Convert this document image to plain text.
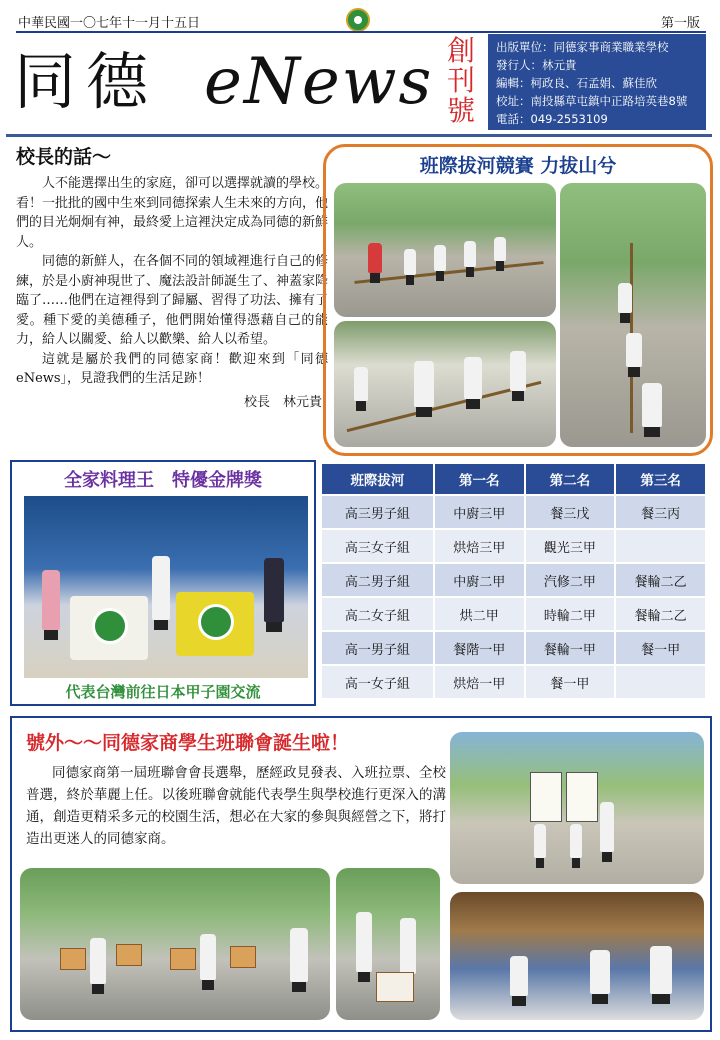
中華民國一〇七年十一月十五日	第一版
同德 eNews 創
刊
號
出版單位：同德家事商業職業學校
發行人：林元貴
編輯：柯政良、石孟娟、蘇佳欣
校址：南投縣草屯鎮中正路培英巷8號
電話：049-2553109
校長的話～

人不能選擇出生的家庭，卻可以選擇就讀的學校。看！一批批的國中生來到同德探索人生未來的方向，他們的目光炯炯有神，最終愛上這裡決定成為同德的新鮮人。

同德的新鮮人，在各個不同的領域裡進行自己的修練，於是小廚神現世了、魔法設計師誕生了、神蓋家降臨了……他們在這裡得到了歸屬、習得了功法、擁有了愛。種下愛的美德種子，他們開始懂得憑藉自己的能力，給人以關愛、給人以歡樂、給人以希望。

這就是屬於我們的同德家商！歡迎來到「同德eNews」，見證我們的生活足跡！

校長　林元貴
班際拔河競賽 力拔山兮
全家料理王　特優金牌獎
代表台灣前往日本甲子園交流
班際拔河	第一名	第二名	第三名
高三男子組	中廚三甲	餐三戊	餐三丙
高三女子組	烘焙三甲	觀光三甲	
高二男子組	中廚二甲	汽修二甲	餐輪二乙
高二女子組	烘二甲	時輪二甲	餐輪二乙
高一男子組	餐階一甲	餐輪一甲	餐一甲
高一女子組	烘焙一甲	餐一甲	
號外～～同德家商學生班聯會誕生啦！

同德家商第一屆班聯會會長選舉，歷經政見發表、入班拉票、全校普選，終於華麗上任。以後班聯會就能代表學生與學校進行更深入的溝通，創造更精采多元的校園生活，想必在大家的參與與經營之下，將打造出更迷人的同德家商。
